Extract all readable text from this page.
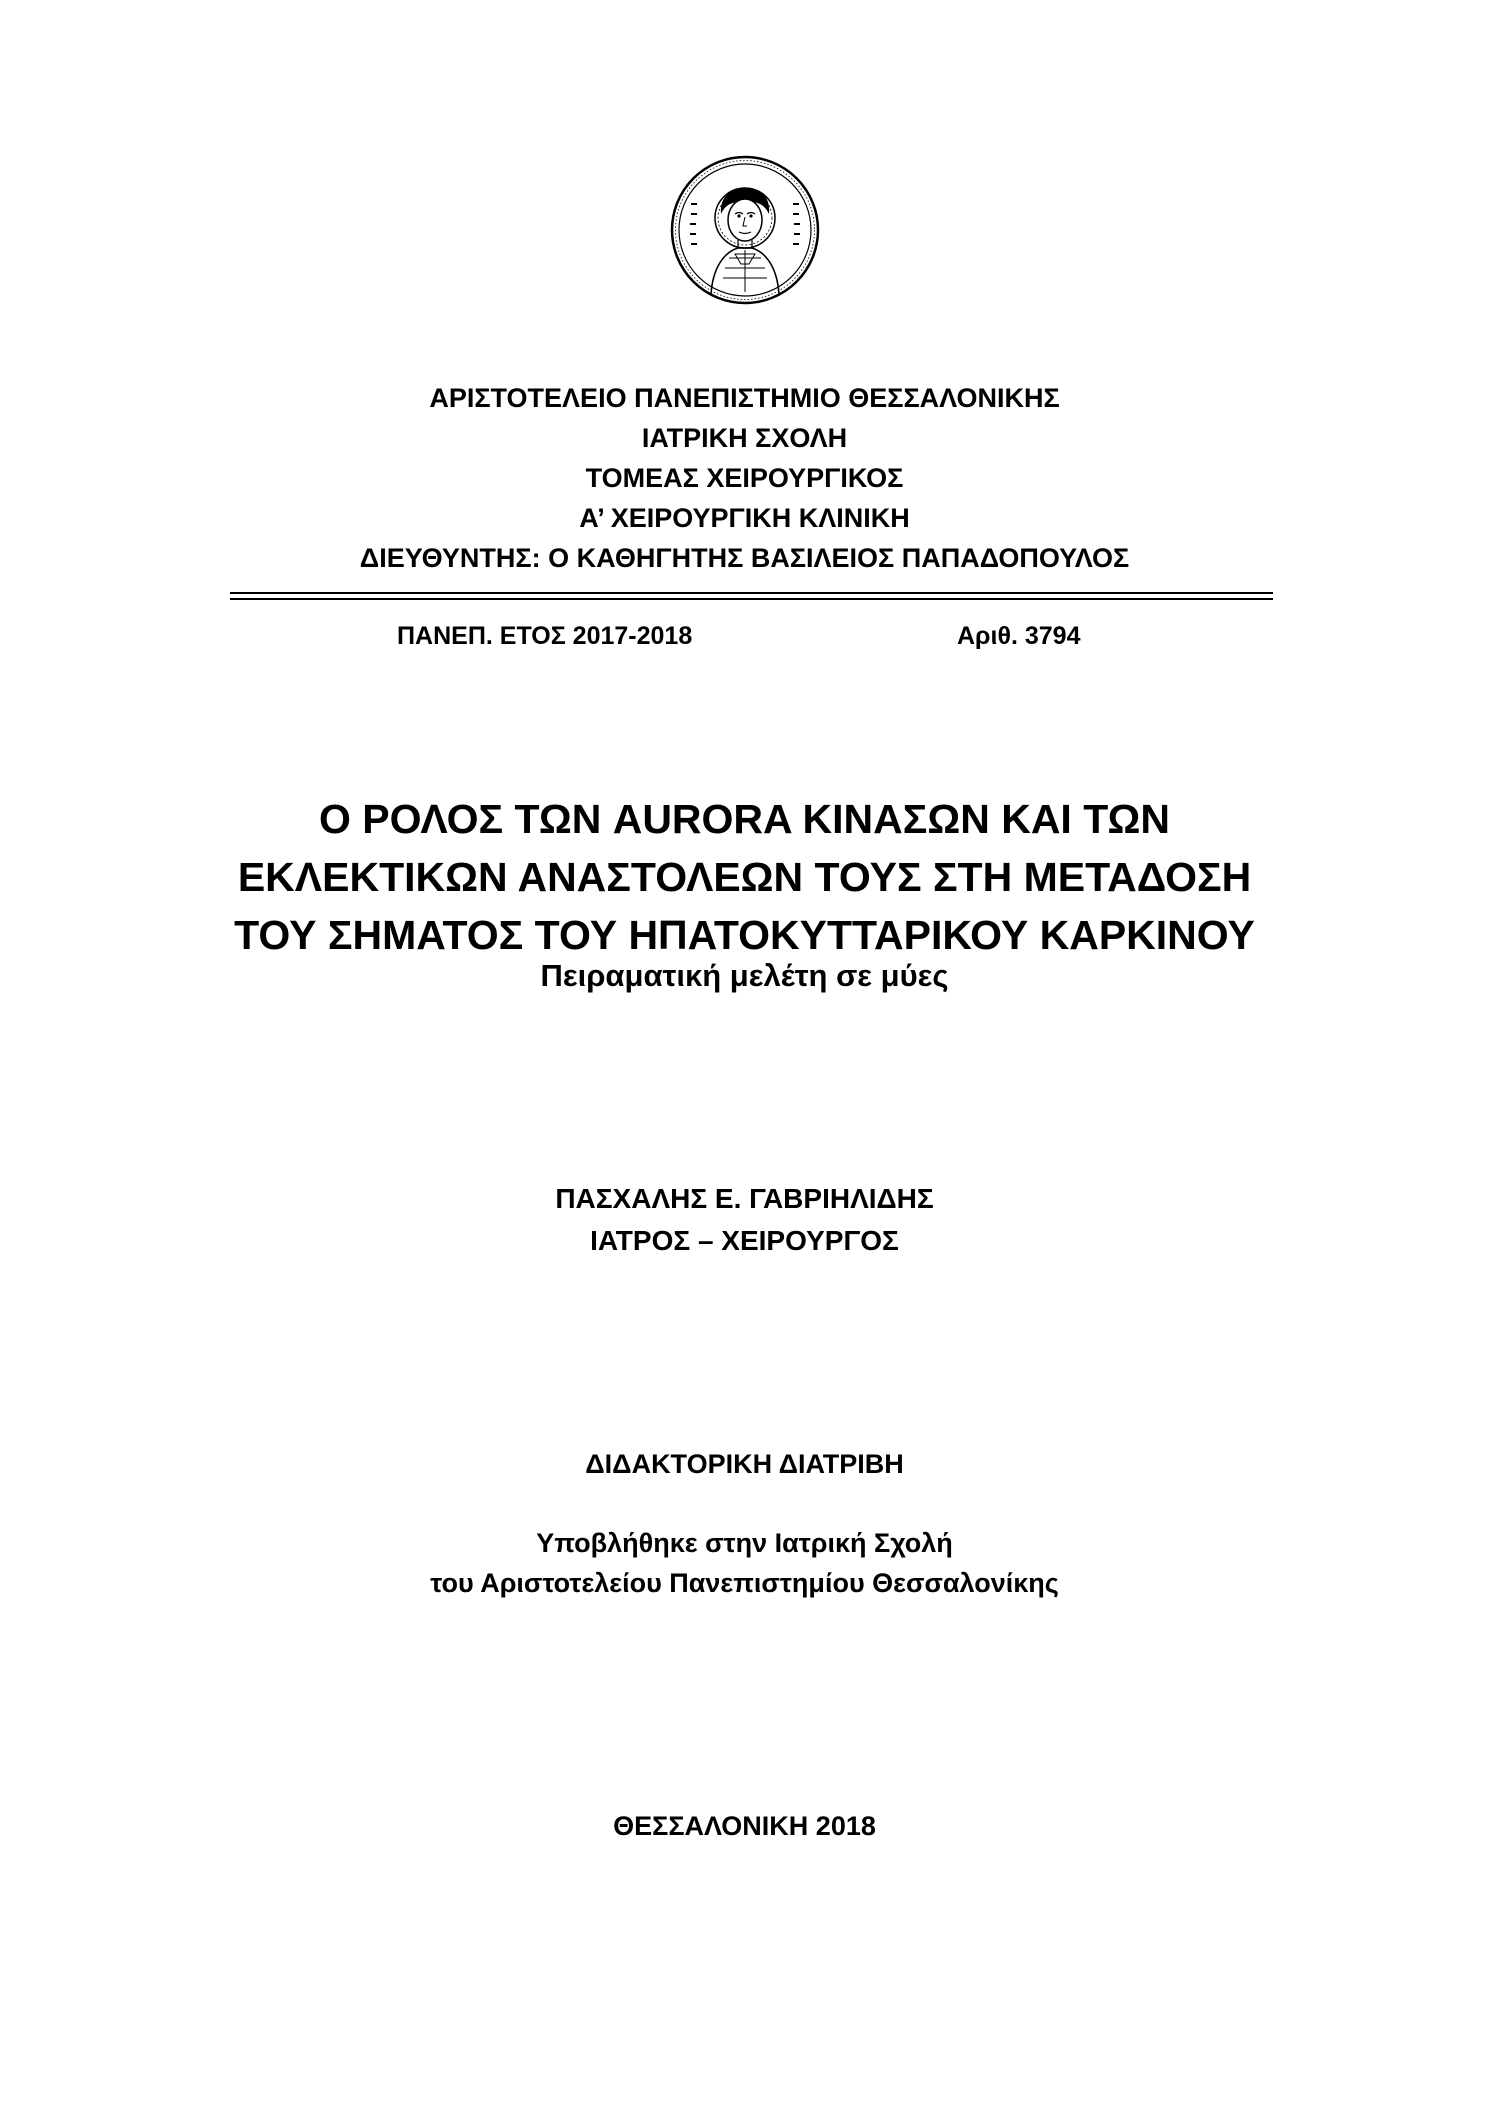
ΑΡΙΣΤΟΤΕΛΕΙΟ ΠΑΝΕΠΙΣΤΗΜΙΟ ΘΕΣΣΑΛΟΝΙΚΗΣ
ΙΑΤΡΙΚΗ ΣΧΟΛΗ
ΤΟΜΕΑΣ ΧΕΙΡΟΥΡΓΙΚΟΣ
Α’ ΧΕΙΡΟΥΡΓΙΚΗ ΚΛΙΝΙΚΗ
ΔΙΕΥΘΥΝΤΗΣ: Ο ΚΑΘΗΓΗΤΗΣ ΒΑΣΙΛΕΙΟΣ ΠΑΠΑΔΟΠΟΥΛΟΣ
ΠΑΝΕΠ. ΕΤΟΣ 2017-2018	Αριθ. 3794
Ο ΡΟΛΟΣ ΤΩΝ AURORA ΚΙΝΑΣΩΝ ΚΑΙ ΤΩΝ
ΕΚΛΕΚΤΙΚΩΝ ΑΝΑΣΤΟΛΕΩΝ ΤΟΥΣ ΣΤΗ ΜΕΤΑΔΟΣΗ
ΤΟΥ ΣΗΜΑΤΟΣ ΤΟΥ ΗΠΑΤΟΚΥΤΤΑΡΙΚΟΥ ΚΑΡΚΙΝΟΥ
Πειραματική μελέτη σε μύες
ΠΑΣΧΑΛΗΣ Ε. ΓΑΒΡΙΗΛΙΔΗΣ
ΙΑΤΡΟΣ – ΧΕΙΡΟΥΡΓΟΣ
ΔΙΔΑΚΤΟΡΙΚΗ ΔΙΑΤΡΙΒΗ
Υποβλήθηκε στην Ιατρική Σχολή
του Αριστοτελείου Πανεπιστημίου Θεσσαλονίκης
ΘΕΣΣΑΛΟΝΙΚΗ 2018
